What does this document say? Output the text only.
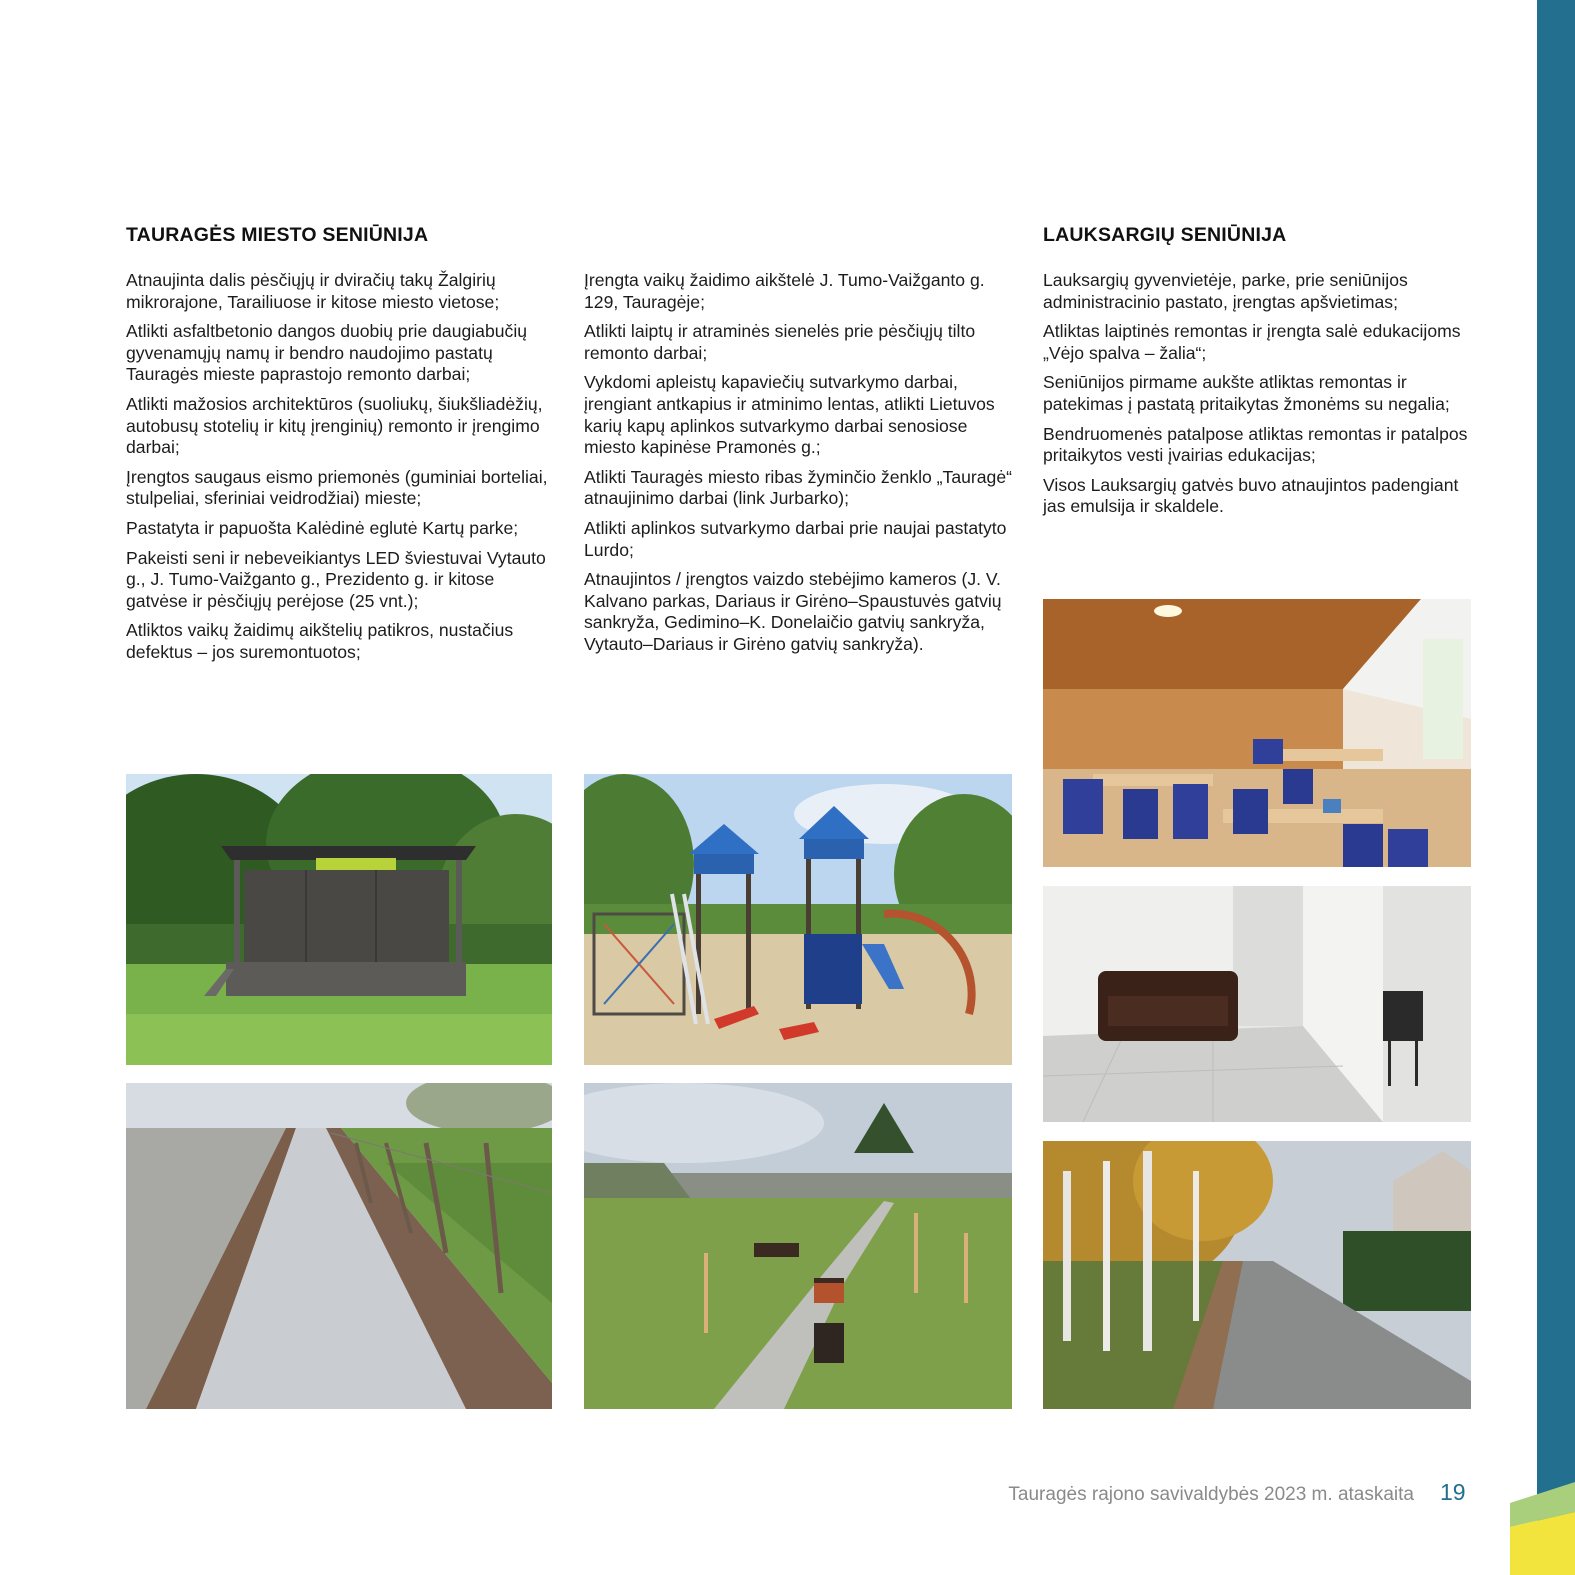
TAURAGĖS MIESTO SENIŪNIJA	LAUKSARGIŲ SENIŪNIJA

Atnaujinta dalis pėsčiųjų ir dviračių takų Žalgirių mikrorajone, Tarailiuose ir kitose miesto vietose;

Atlikti asfaltbetonio dangos duobių prie daugiabučių gyvenamųjų namų ir bendro naudojimo pastatų Tauragės mieste paprastojo remonto darbai;

Atlikti mažosios architektūros (suoliukų, šiukšliadėžių, autobusų stotelių ir kitų įrenginių) remonto ir įrengimo darbai;

Įrengtos saugaus eismo priemonės (guminiai borteliai, stulpeliai, sferiniai veidrodžiai) mieste;

Pastatyta ir papuošta Kalėdinė eglutė Kartų parke;

Pakeisti seni ir nebeveikiantys LED šviestuvai Vytauto g., J. Tumo-Vaižganto g., Prezidento g. ir kitose gatvėse ir pėsčiųjų perėjose (25 vnt.);

Atliktos vaikų žaidimų aikštelių patikros, nustačius defektus – jos suremontuotos;

Įrengta vaikų žaidimo aikštelė J. Tumo-Vaižganto g. 129, Tauragėje;

Atlikti laiptų ir atraminės sienelės prie pėsčiųjų tilto remonto darbai;

Vykdomi apleistų kapaviečių sutvarkymo darbai, įrengiant antkapius ir atminimo lentas, atlikti Lietuvos karių kapų aplinkos sutvarkymo darbai senosiose miesto kapinėse Pramonės g.;

Atlikti Tauragės miesto ribas žyminčio ženklo „Tauragė“ atnaujinimo darbai (link Jurbarko);

Atlikti aplinkos sutvarkymo darbai prie naujai pastatyto Lurdo;

Atnaujintos / įrengtos vaizdo stebėjimo kameros (J. V. Kalvano parkas, Dariaus ir Girėno–Spaustuvės gatvių sankryža, Gedimino–K. Donelaičio gatvių sankryža, Vytauto–Dariaus ir Girėno gatvių sankryža).

Lauksargių gyvenvietėje, parke, prie seniūnijos administracinio pastato, įrengtas apšvietimas;

Atliktas laiptinės remontas ir įrengta salė edukacijoms „Vėjo spalva – žalia“;

Seniūnijos pirmame aukšte atliktas remontas ir patekimas į pastatą pritaikytas žmonėms su negalia;

Bendruomenės patalpose atliktas remontas ir patalpos pritaikytos vesti įvairias edukacijas;

Visos Lauksargių gatvės buvo atnaujintos padengiant jas emulsija ir skaldele.

Tauragės rajono savivaldybės 2023 m. ataskaita 19
